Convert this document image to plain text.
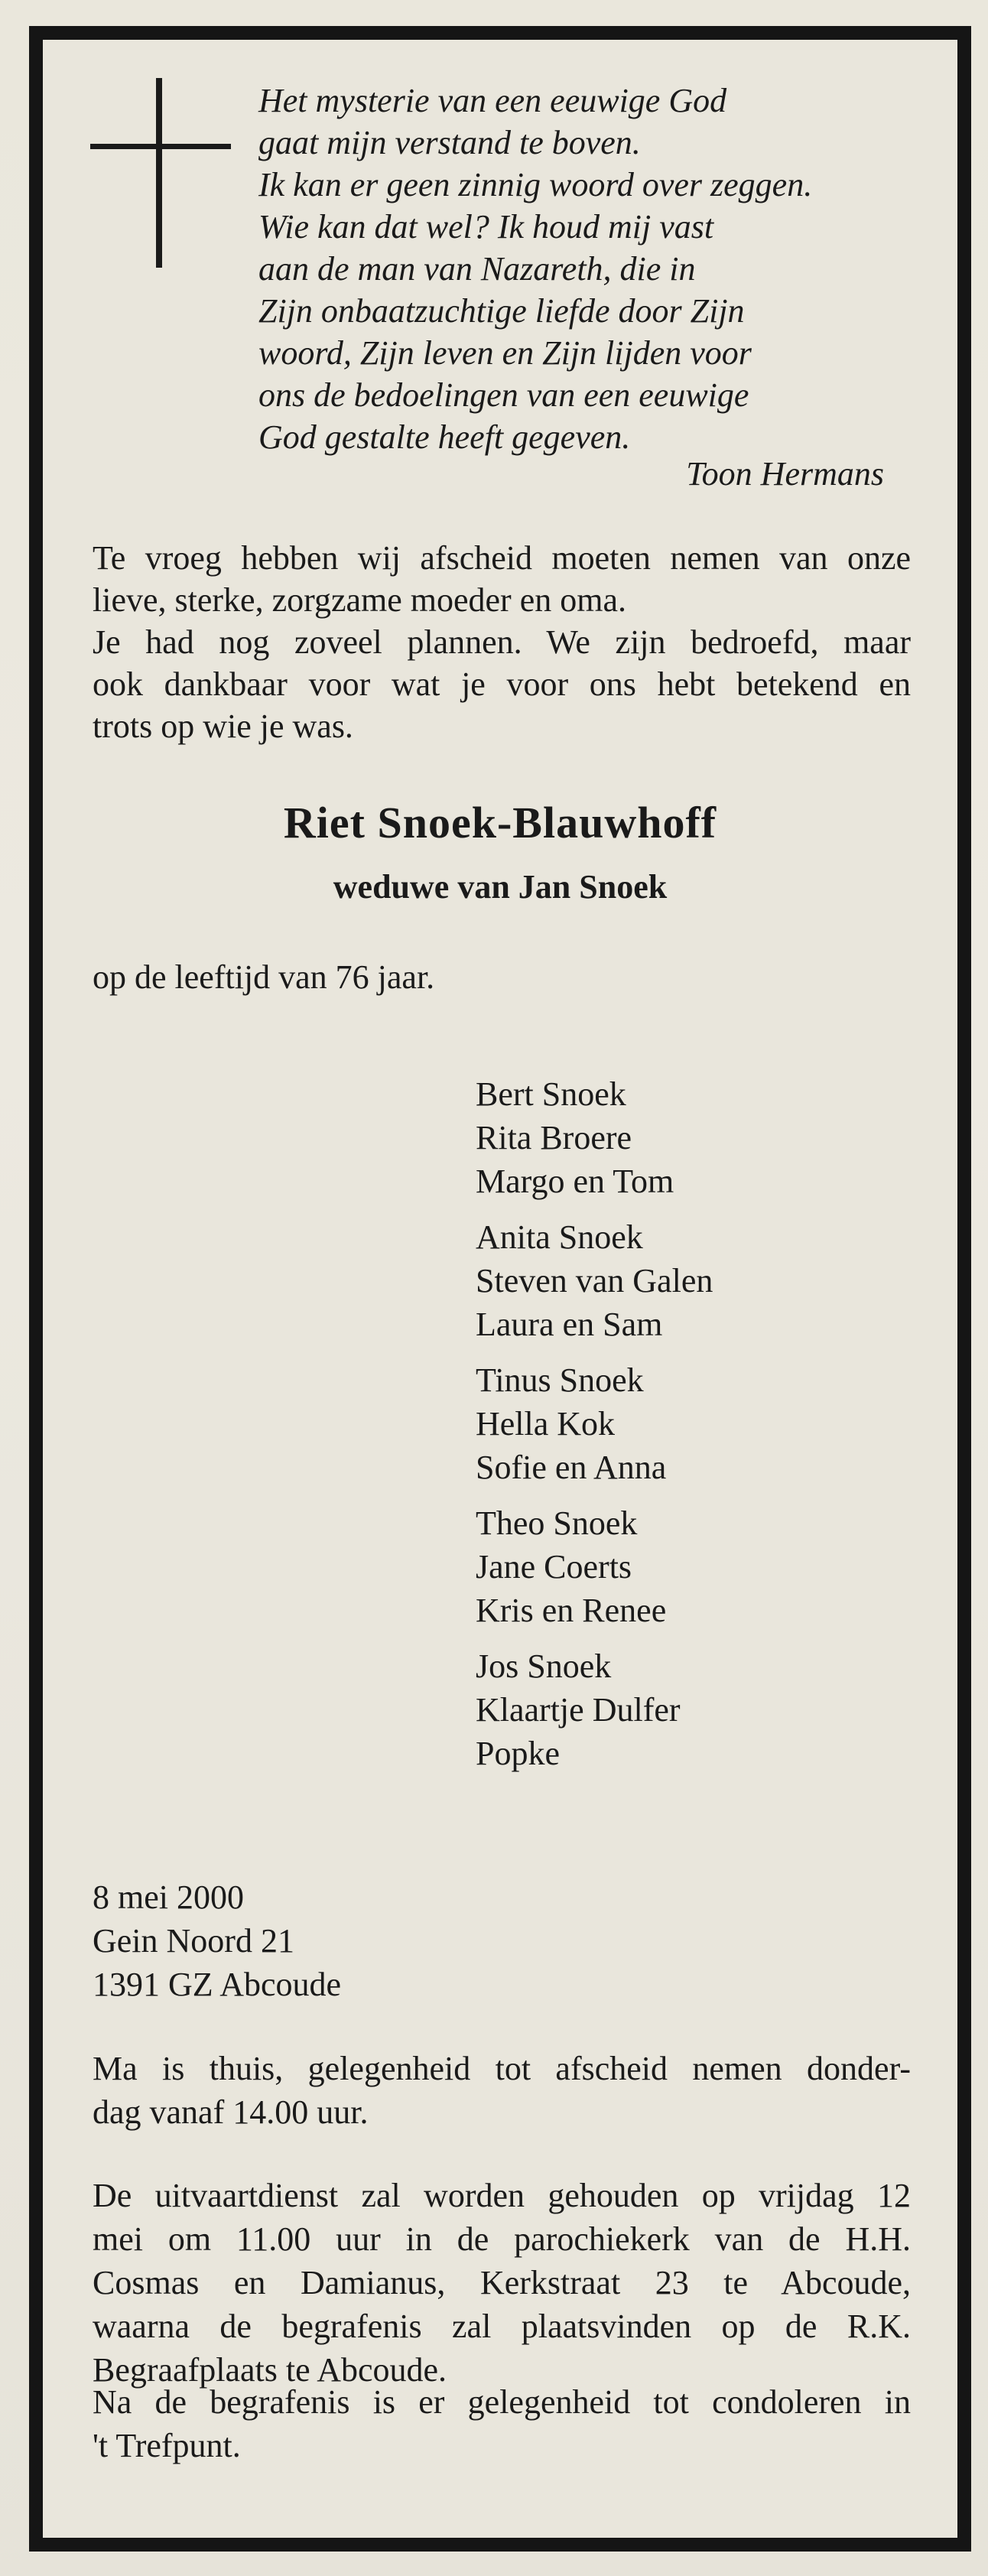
Het mysterie van een eeuwige God
gaat mijn verstand te boven.
Ik kan er geen zinnig woord over zeggen.
Wie kan dat wel? Ik houd mij vast
aan de man van Nazareth, die in
Zijn onbaatzuchtige liefde door Zijn
woord, Zijn leven en Zijn lijden voor
ons de bedoelingen van een eeuwige
God gestalte heeft gegeven.
Toon Hermans
Te vroeg hebben wij afscheid moeten nemen van onze
lieve, sterke, zorgzame moeder en oma.
Je had nog zoveel plannen. We zijn bedroefd, maar
ook dankbaar voor wat je voor ons hebt betekend en
trots op wie je was.
Riet Snoek-Blauwhoff
weduwe van Jan Snoek
op de leeftijd van 76 jaar.
Bert Snoek
Rita Broere
Margo en Tom
Anita Snoek
Steven van Galen
Laura en Sam
Tinus Snoek
Hella Kok
Sofie en Anna
Theo Snoek
Jane Coerts
Kris en Renee
Jos Snoek
Klaartje Dulfer
Popke
8 mei 2000
Gein Noord 21
1391 GZ Abcoude
Ma is thuis, gelegenheid tot afscheid nemen donder-
dag vanaf 14.00 uur.
De uitvaartdienst zal worden gehouden op vrijdag 12
mei om 11.00 uur in de parochiekerk van de H.H.
Cosmas en Damianus, Kerkstraat 23 te Abcoude,
waarna de begrafenis zal plaatsvinden op de R.K.
Begraafplaats te Abcoude.
Na de begrafenis is er gelegenheid tot condoleren in
't Trefpunt.
